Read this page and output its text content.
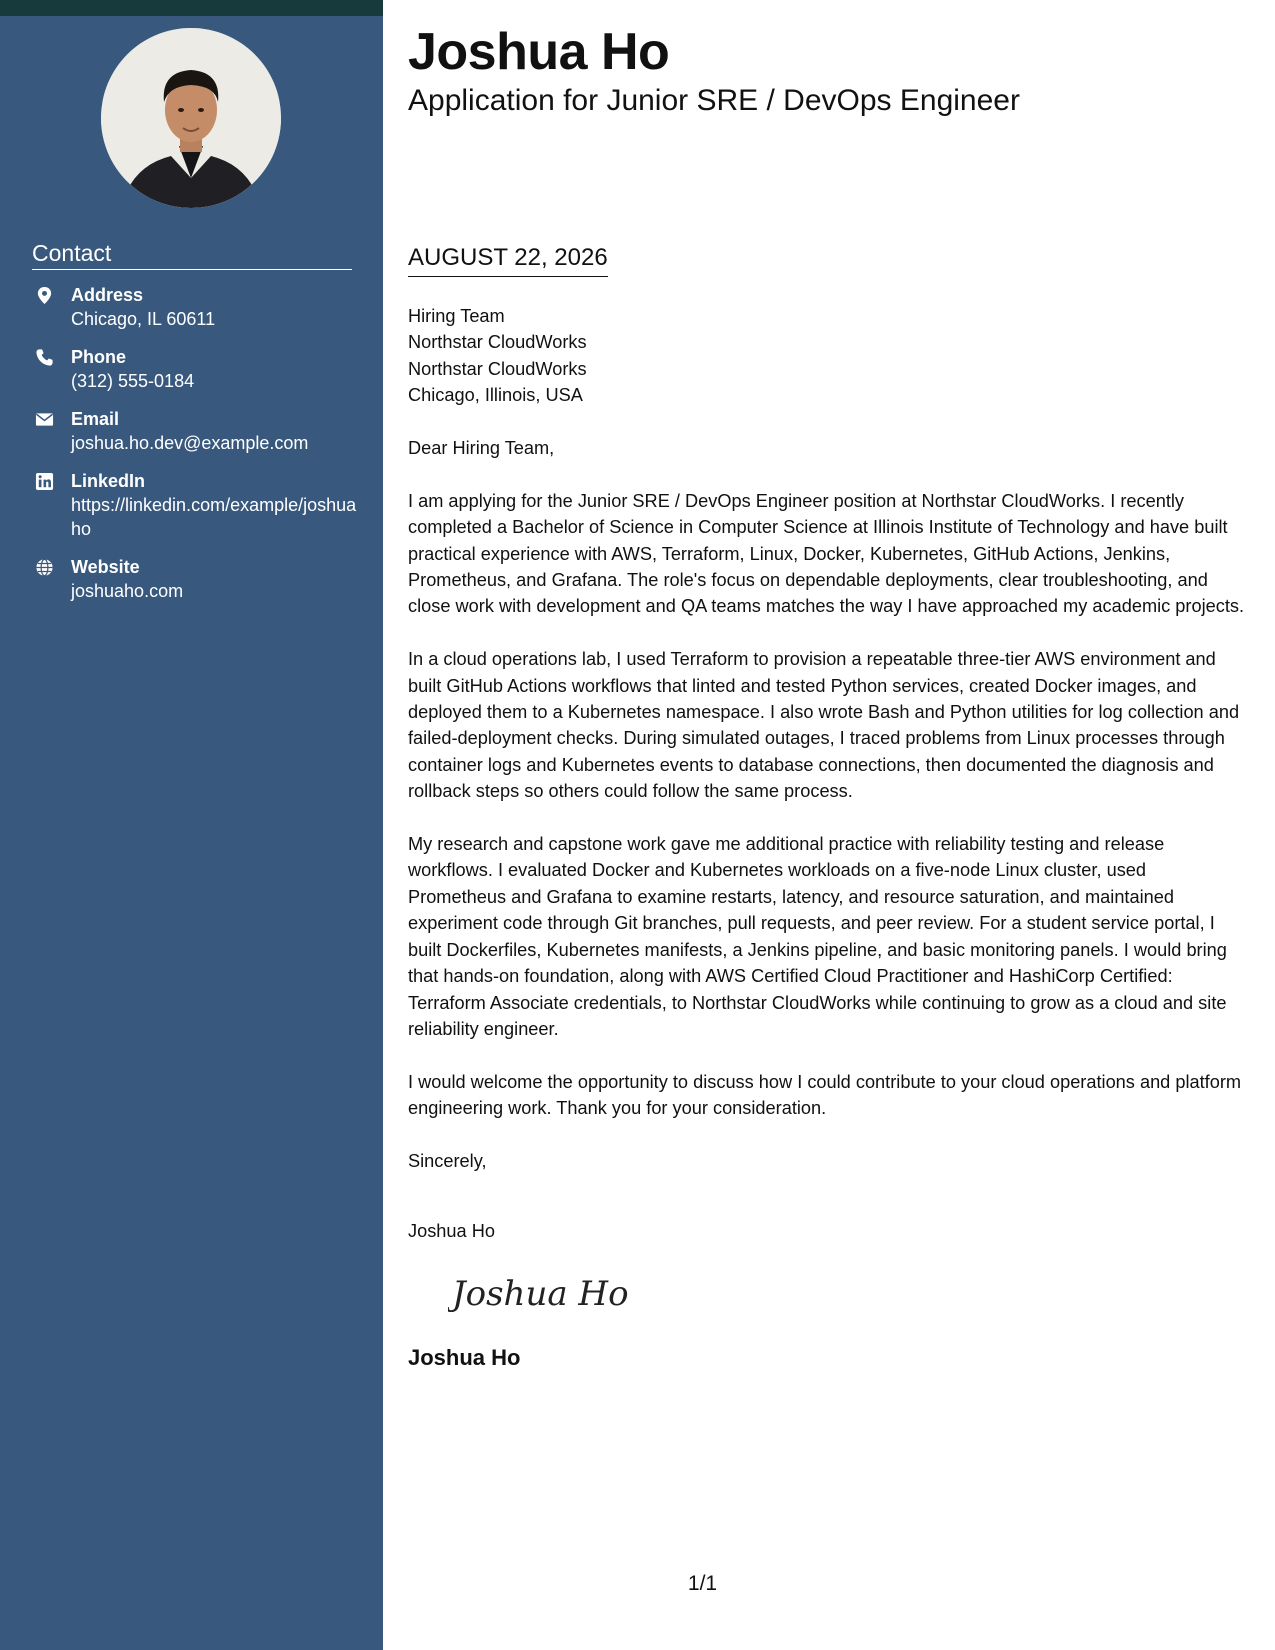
Contact
Address
Chicago, IL 60611
Phone
(312) 555-0184
Email
joshua.ho.dev@example.com
LinkedIn
https://linkedin.com/example/joshuaho
Website
joshuaho.com
Joshua Ho
Application for Junior SRE / DevOps Engineer
AUGUST 22, 2026

Hiring Team
Northstar CloudWorks
Northstar CloudWorks
Chicago, Illinois, USA

Dear Hiring Team,

I am applying for the Junior SRE / DevOps Engineer position at Northstar CloudWorks. I recently completed a Bachelor of Science in Computer Science at Illinois Institute of Technology and have built practical experience with AWS, Terraform, Linux, Docker, Kubernetes, GitHub Actions, Jenkins, Prometheus, and Grafana. The role's focus on dependable deployments, clear troubleshooting, and close work with development and QA teams matches the way I have approached my academic projects.

In a cloud operations lab, I used Terraform to provision a repeatable three-tier AWS environment and built GitHub Actions workflows that linted and tested Python services, created Docker images, and deployed them to a Kubernetes namespace. I also wrote Bash and Python utilities for log collection and failed-deployment checks. During simulated outages, I traced problems from Linux processes through container logs and Kubernetes events to database connections, then documented the diagnosis and rollback steps so others could follow the same process.

My research and capstone work gave me additional practice with reliability testing and release workflows. I evaluated Docker and Kubernetes workloads on a five-node Linux cluster, used Prometheus and Grafana to examine restarts, latency, and resource saturation, and maintained experiment code through Git branches, pull requests, and peer review. For a student service portal, I built Dockerfiles, Kubernetes manifests, a Jenkins pipeline, and basic monitoring panels. I would bring that hands-on foundation, along with AWS Certified Cloud Practitioner and HashiCorp Certified: Terraform Associate credentials, to Northstar CloudWorks while continuing to grow as a cloud and site reliability engineer.

I would welcome the opportunity to discuss how I could contribute to your cloud operations and platform engineering work. Thank you for your consideration.

Sincerely,

Joshua Ho
Joshua Ho
Joshua Ho
1/1
